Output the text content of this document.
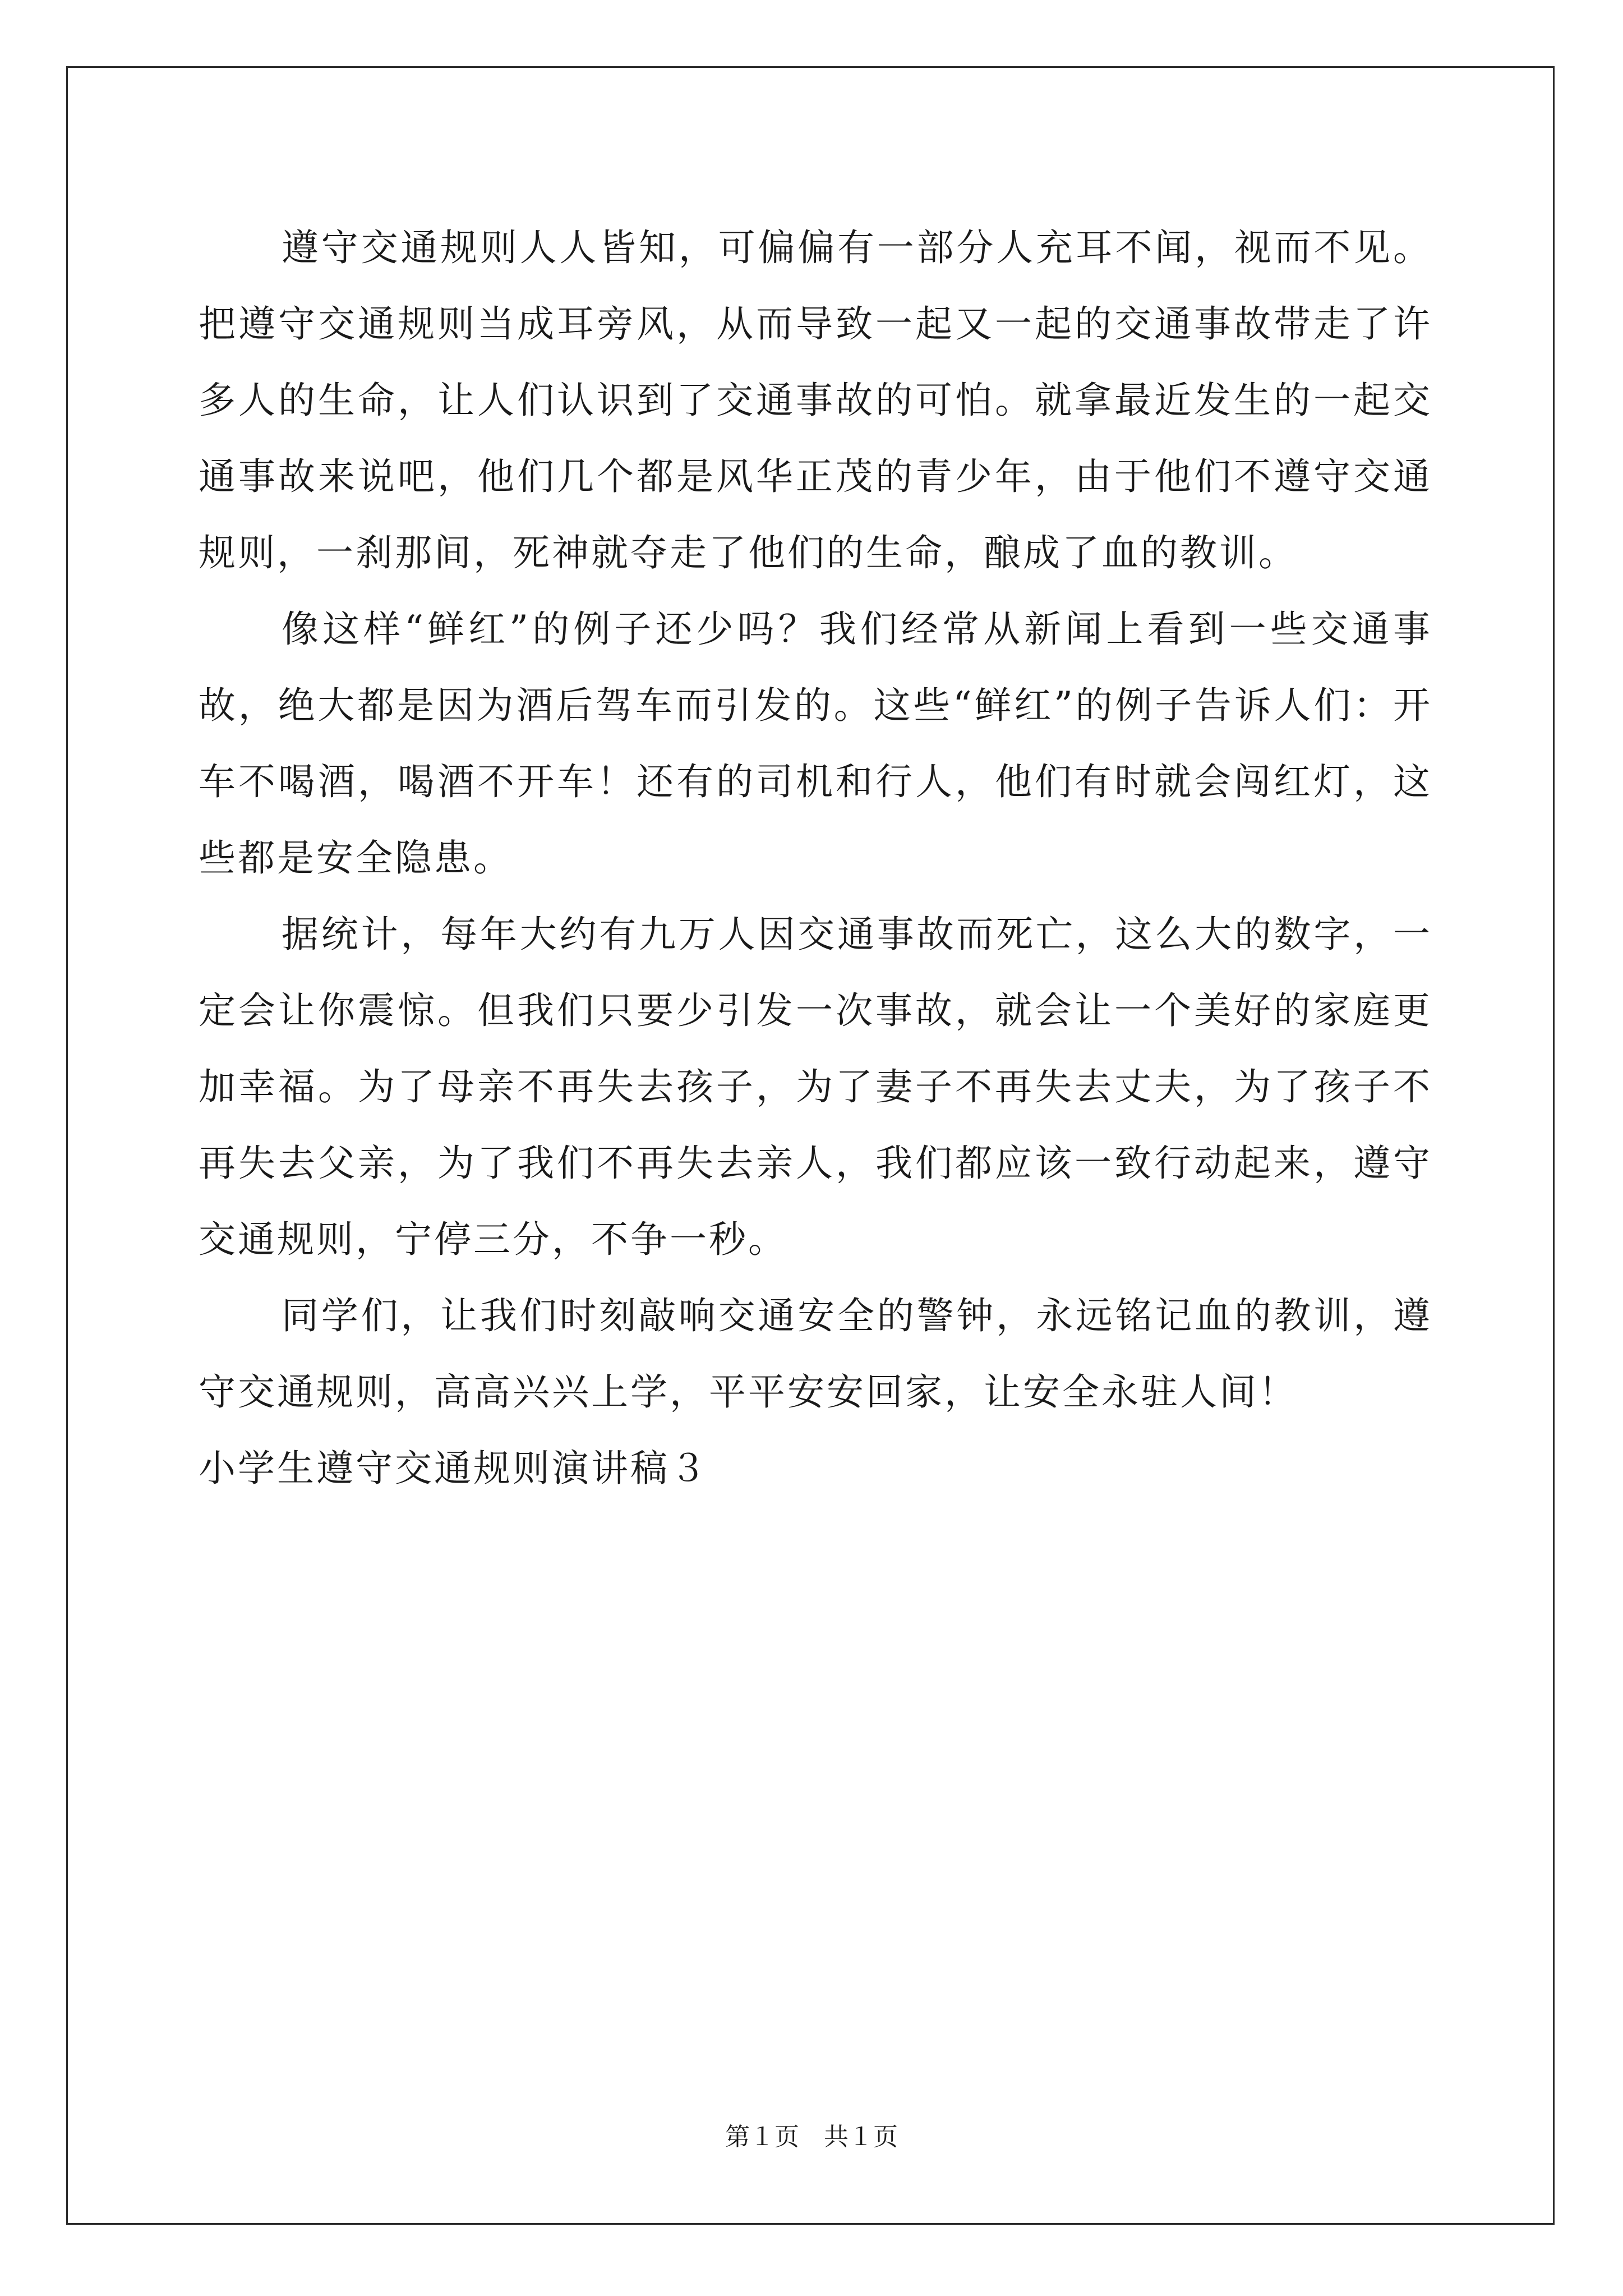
遵守交通规则人人皆知，可偏偏有一部分人充耳不闻，视而不见。把遵守交通规则当成耳旁风，从而导致一起又一起的交通事故带走了许多人的生命，让人们认识到了交通事故的可怕。就拿最近发生的一起交通事故来说吧，他们几个都是风华正茂的青少年，由于他们不遵守交通规则，一刹那间，死神就夺走了他们的生命，酿成了血的教训。

像这样“鲜红”的例子还少吗？我们经常从新闻上看到一些交通事故，绝大都是因为酒后驾车而引发的。这些“鲜红”的例子告诉人们：开车不喝酒，喝酒不开车！还有的司机和行人，他们有时就会闯红灯，这些都是安全隐患。

据统计，每年大约有九万人因交通事故而死亡，这么大的数字，一定会让你震惊。但我们只要少引发一次事故，就会让一个美好的家庭更加幸福。为了母亲不再失去孩子，为了妻子不再失去丈夫，为了孩子不再失去父亲，为了我们不再失去亲人，我们都应该一致行动起来，遵守交通规则，宁停三分，不争一秒。

同学们，让我们时刻敲响交通安全的警钟，永远铭记血的教训，遵守交通规则，高高兴兴上学，平平安安回家，让安全永驻人间！

小学生遵守交通规则演讲稿３

第１页　共１页
